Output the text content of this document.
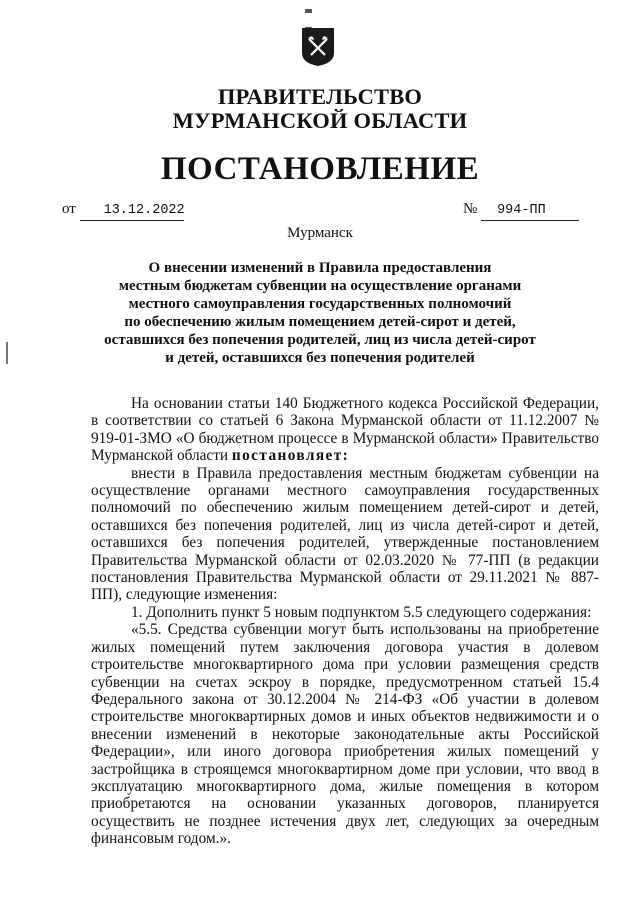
ПРАВИТЕЛЬСТВО
МУРМАНСКОЙ ОБЛАСТИ
ПОСТАНОВЛЕНИЕ
от 13.12.2022	№ 994-ПП
Мурманск
О внесении изменений в Правила предоставления
местным бюджетам субвенции на осуществление органами
местного самоуправления государственных полномочий
по обеспечению жилым помещением детей-сирот и детей,
оставшихся без попечения родителей, лиц из числа детей-сирот
и детей, оставшихся без попечения родителей
На основании статьи 140 Бюджетного кодекса Российской Федерации, в соответствии со статьей 6 Закона Мурманской области от 11.12.2007 № 919-01-ЗМО «О бюджетном процессе в Мурманской области» Правительство Мурманской области постановляет:
внести в Правила предоставления местным бюджетам субвенции на осуществление органами местного самоуправления государственных полномочий по обеспечению жилым помещением детей-сирот и детей, оставшихся без попечения родителей, лиц из числа детей-сирот и детей, оставшихся без попечения родителей, утвержденные постановлением Правительства Мурманской области от 02.03.2020 № 77-ПП (в редакции постановления Правительства Мурманской области от 29.11.2021 № 887-ПП), следующие изменения:
1. Дополнить пункт 5 новым подпунктом 5.5 следующего содержания:
«5.5. Средства субвенции могут быть использованы на приобретение жилых помещений путем заключения договора участия в долевом строительстве многоквартирного дома при условии размещения средств субвенции на счетах эскроу в порядке, предусмотренном статьей 15.4 Федерального закона от 30.12.2004 № 214-ФЗ «Об участии в долевом строительстве многоквартирных домов и иных объектов недвижимости и о внесении изменений в некоторые законодательные акты Российской Федерации», или иного договора приобретения жилых помещений у застройщика в строящемся многоквартирном доме при условии, что ввод в эксплуатацию многоквартирного дома, жилые помещения в котором приобретаются на основании указанных договоров, планируется осуществить не позднее истечения двух лет, следующих за очередным финансовым годом.».
